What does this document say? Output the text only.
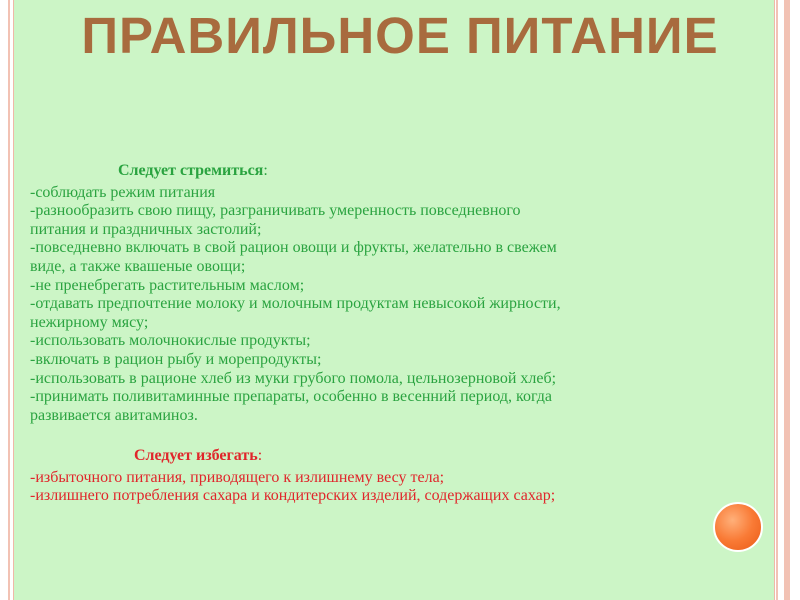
ПРАВИЛЬНОЕ ПИТАНИЕ
Следует стремиться:
-соблюдать режим питания
-разнообразить свою пищу, разграничивать умеренность повседневного
питания и праздничных застолий;
-повседневно включать в свой рацион овощи и фрукты, желательно в свежем
виде, а также квашеные овощи;
-не пренебрегать растительным маслом;
-отдавать предпочтение молоку и молочным продуктам невысокой жирности,
нежирному мясу;
-использовать молочнокислые продукты;
-включать в рацион рыбу и морепродукты;
-использовать в рационе хлеб из муки грубого помола, цельнозерновой хлеб;
-принимать поливитаминные препараты, особенно в весенний период, когда
развивается авитаминоз.
Следует избегать:
-избыточного питания, приводящего к излишнему весу тела;
-излишнего потребления сахара и кондитерских изделий, содержащих сахар;
